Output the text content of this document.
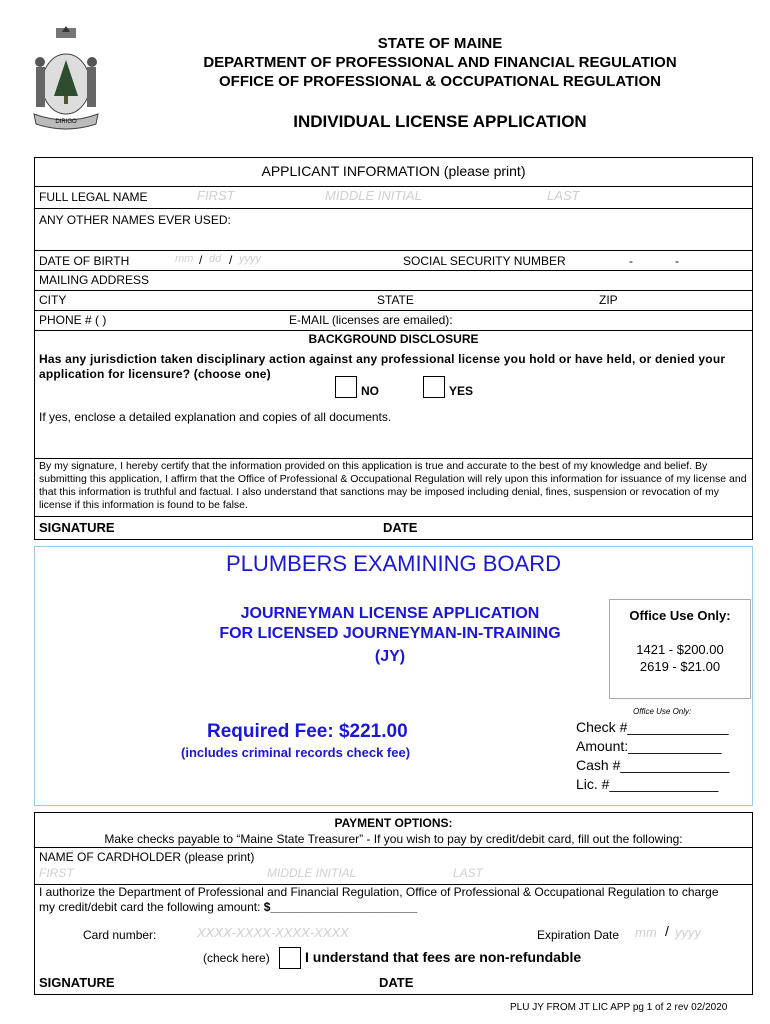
DIRIGO
STATE OF MAINE
DEPARTMENT OF PROFESSIONAL AND FINANCIAL REGULATION
OFFICE OF PROFESSIONAL & OCCUPATIONAL REGULATION
INDIVIDUAL LICENSE APPLICATION
APPLICANT INFORMATION (please print)
FULL LEGAL NAME	FIRST	MIDDLE INITIAL	LAST
ANY OTHER NAMES EVER USED:
DATE OF BIRTH	mm / dd / yyyy	SOCIAL SECURITY NUMBER	-	-
MAILING ADDRESS
CITY	STATE	ZIP
PHONE # ( )	E-MAIL (licenses are emailed):
BACKGROUND DISCLOSURE
Has any jurisdiction taken disciplinary action against any professional license you hold or have held, or denied your application for licensure? (choose one)
NO	YES
If yes, enclose a detailed explanation and copies of all documents.
By my signature, I hereby certify that the information provided on this application is true and accurate to the best of my knowledge and belief. By submitting this application, I affirm that the Office of Professional & Occupational Regulation will rely upon this information for issuance of my license and that this information is truthful and factual. I also understand that sanctions may be imposed including denial, fines, suspension or revocation of my license if this information is found to be false.
SIGNATURE	DATE
PLUMBERS EXAMINING BOARD
JOURNEYMAN LICENSE APPLICATION
FOR LICENSED JOURNEYMAN-IN-TRAINING
(JY)
Office Use Only:
1421 - $200.00
2619 - $21.00
Office Use Only:
Required Fee: $221.00
(includes criminal records check fee)
Check #_____________
Amount:____________
Cash #______________
Lic. #______________
PAYMENT OPTIONS:
Make checks payable to “Maine State Treasurer” - If you wish to pay by credit/debit card, fill out the following:
NAME OF CARDHOLDER (please print)
FIRST	MIDDLE INITIAL	LAST
I authorize the Department of Professional and Financial Regulation, Office of Professional & Occupational Regulation to charge my credit/debit card the following amount: $______________________
Card number:	XXXX-XXXX-XXXX-XXXX	Expiration Date mm / yyyy
(check here)	I understand that fees are non-refundable
SIGNATURE	DATE
PLU JY FROM JT LIC APP pg 1 of 2 rev 02/2020
